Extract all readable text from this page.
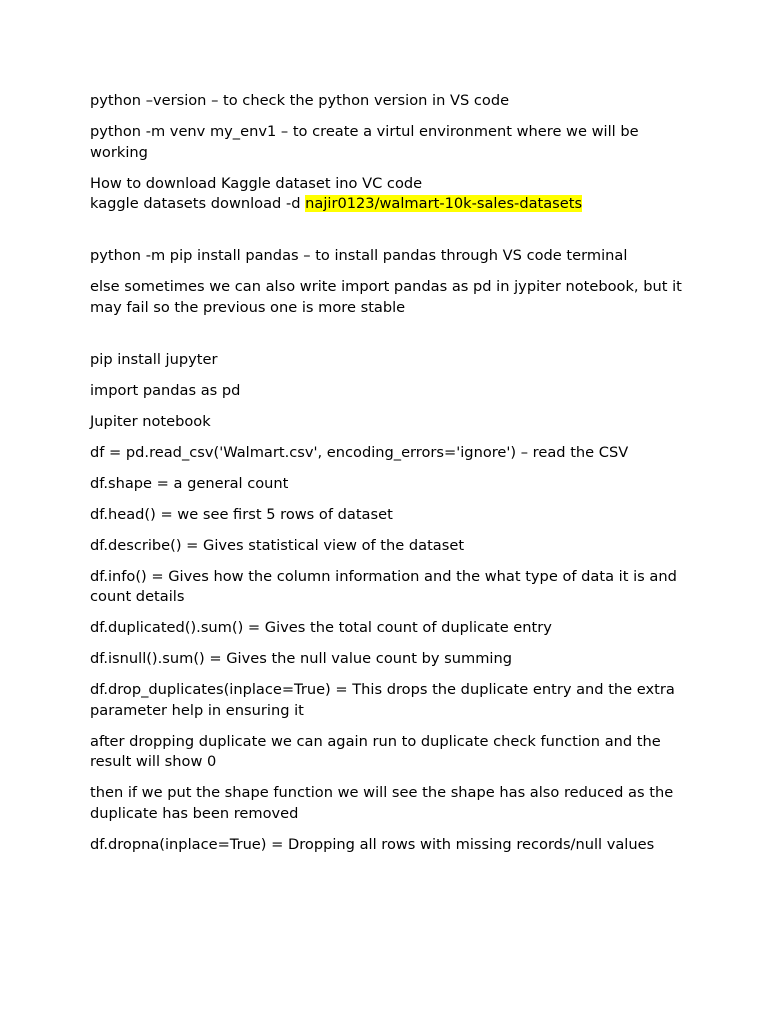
python –version – to check the python version in VS code

python -m venv my_env1 – to create a virtul environment where we will be working

How to download Kaggle dataset ino VC code
kaggle datasets download -d najir0123/walmart-10k-sales-datasets

python -m pip install pandas – to install pandas through VS code terminal

else sometimes we can also write import pandas as pd in jypiter notebook, but it may fail so the previous one is more stable

pip install jupyter

import pandas as pd

Jupiter notebook

df = pd.read_csv('Walmart.csv', encoding_errors='ignore') – read the CSV

df.shape = a general count

df.head() = we see first 5 rows of dataset

df.describe() = Gives statistical view of the dataset

df.info() = Gives how the column information and the what type of data it is and count details

df.duplicated().sum() = Gives the total count of duplicate entry

df.isnull().sum() = Gives the null value count by summing

df.drop_duplicates(inplace=True) = This drops the duplicate entry and the extra parameter help in ensuring it

after dropping duplicate we can again run to duplicate check function and the result will show 0

then if we put the shape function we will see the shape has also reduced as the duplicate has been removed

df.dropna(inplace=True) = Dropping all rows with missing records/null values
